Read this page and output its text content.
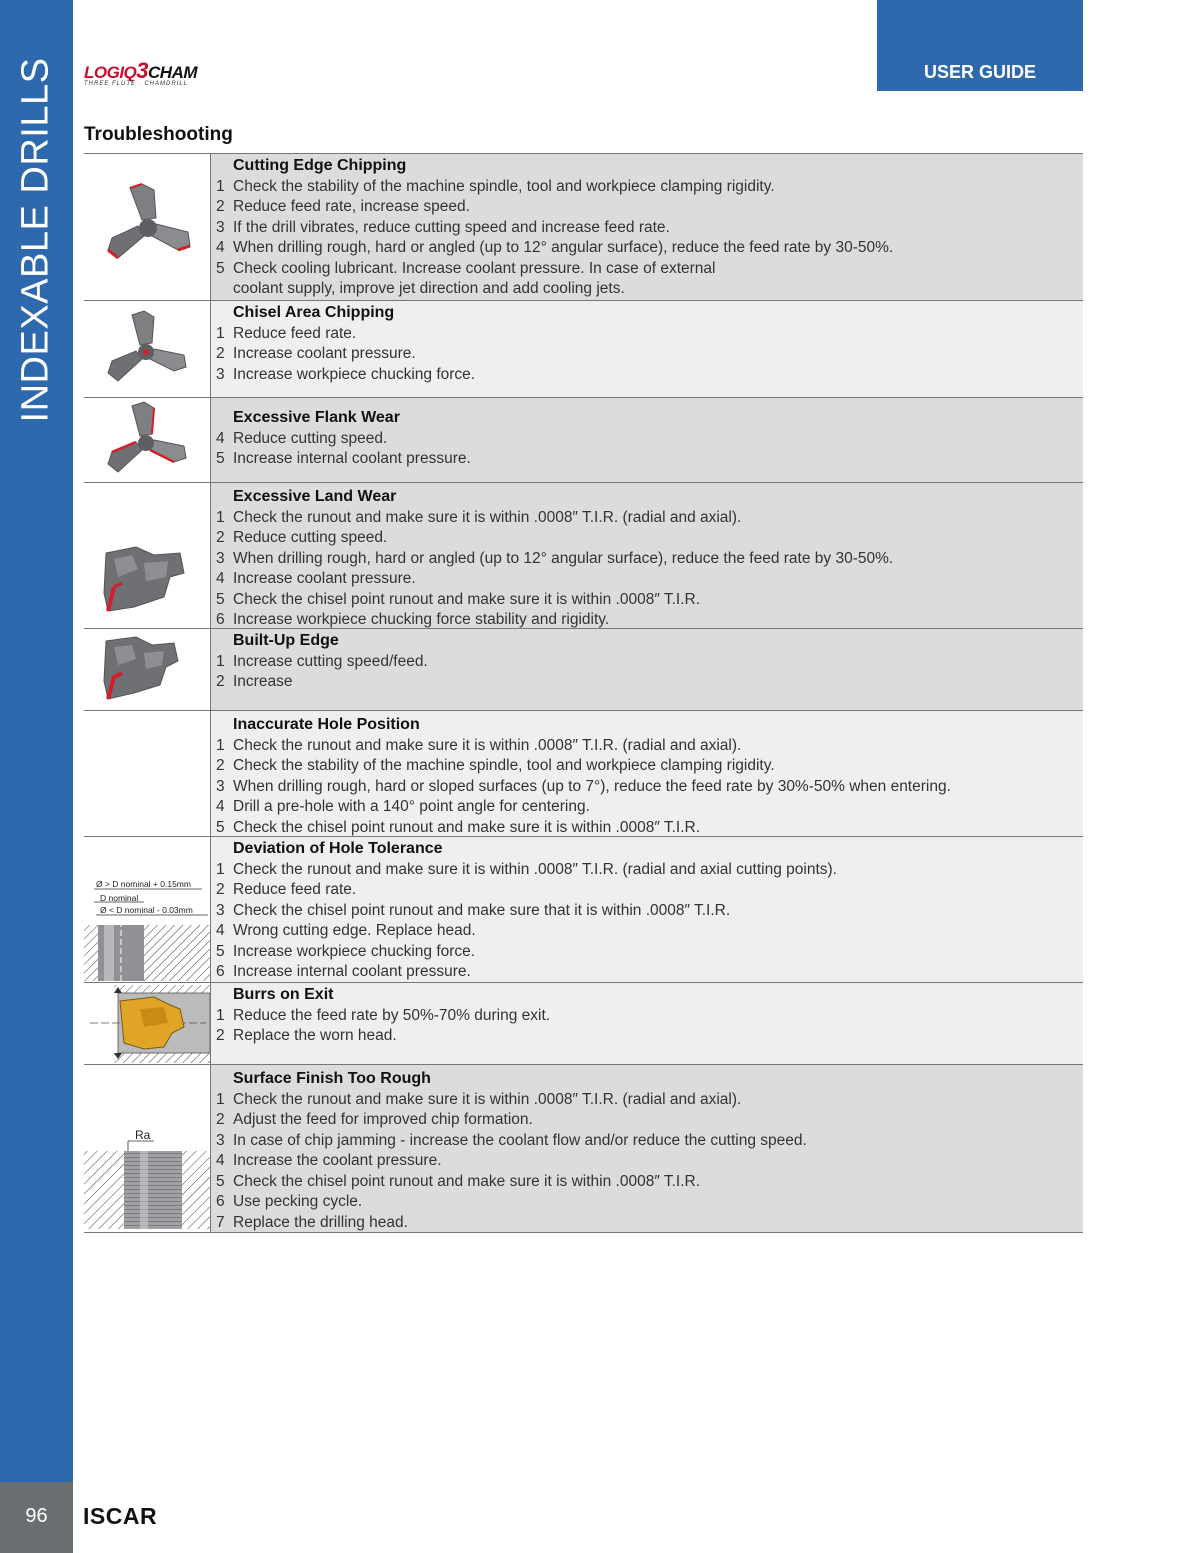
INDEXABLE DRILLS
96	ISCAR
USER GUIDE
LOGIQ3CHAM
THREE FLUTE · CHAMDRILL
Troubleshooting
Cutting Edge Chipping
1 Check the stability of the machine spindle, tool and workpiece clamping rigidity.
2 Reduce feed rate, increase speed.
3 If the drill vibrates, reduce cutting speed and increase feed rate.
4 When drilling rough, hard or angled (up to 12° angular surface), reduce the feed rate by 30-50%.
5 Check cooling lubricant. Increase coolant pressure. In case of external
coolant supply, improve jet direction and add cooling jets.
Chisel Area Chipping
1 Reduce feed rate.
2 Increase coolant pressure.
3 Increase workpiece chucking force.
Excessive Flank Wear
4 Reduce cutting speed.
5 Increase internal coolant pressure.
Excessive Land Wear
1 Check the runout and make sure it is within .0008″ T.I.R. (radial and axial).
2 Reduce cutting speed.
3 When drilling rough, hard or angled (up to 12° angular surface), reduce the feed rate by 30-50%.
4 Increase coolant pressure.
5 Check the chisel point runout and make sure it is within .0008″ T.I.R.
6 Increase workpiece chucking force stability and rigidity.
Built-Up Edge
1 Increase cutting speed/feed.
2 Increase
Inaccurate Hole Position
1 Check the runout and make sure it is within .0008″ T.I.R. (radial and axial).
2 Check the stability of the machine spindle, tool and workpiece clamping rigidity.
3 When drilling rough, hard or sloped surfaces (up to 7°), reduce the feed rate by 30%-50% when entering.
4 Drill a pre-hole with a 140° point angle for centering.
5 Check the chisel point runout and make sure it is within .0008″ T.I.R.
Ø > D nominal + 0.15mm
D nominal
Ø < D nominal - 0.03mm
Deviation of Hole Tolerance
1 Check the runout and make sure it is within .0008″ T.I.R. (radial and axial cutting points).
2 Reduce feed rate.
3 Check the chisel point runout and make sure that it is within .0008″ T.I.R.
4 Wrong cutting edge. Replace head.
5 Increase workpiece chucking force.
6 Increase internal coolant pressure.
Burrs on Exit
1 Reduce the feed rate by 50%-70% during exit.
2 Replace the worn head.
Ra
Surface Finish Too Rough
1 Check the runout and make sure it is within .0008″ T.I.R. (radial and axial).
2 Adjust the feed for improved chip formation.
3 In case of chip jamming - increase the coolant flow and/or reduce the cutting speed.
4 Increase the coolant pressure.
5 Check the chisel point runout and make sure it is within .0008″ T.I.R.
6 Use pecking cycle.
7 Replace the drilling head.
